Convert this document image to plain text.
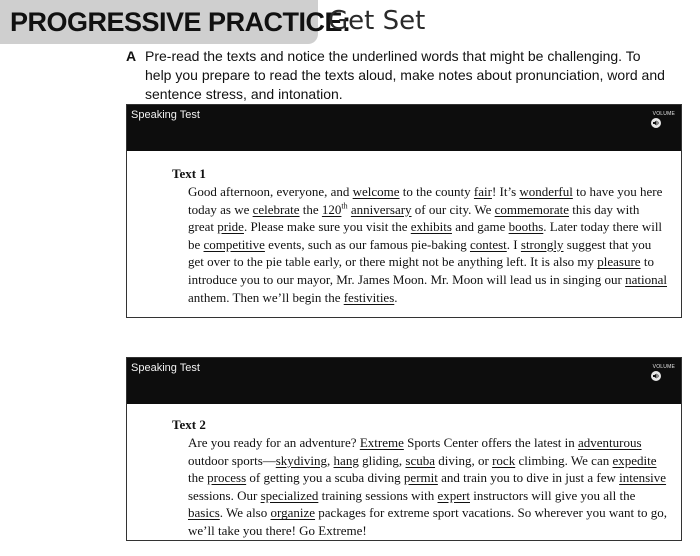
PROGRESSIVE PRACTICE:
Get Set
A Pre-read the texts and notice the underlined words that might be challenging. To help you prepare to read the texts aloud, make notes about pronunciation, word and sentence stress, and intonation.
Speaking Test	VOLUME
Text 1
Good afternoon, everyone, and welcome to the county fair! It’s wonderful to have you here today as we celebrate the 120th anniversary of our city. We commemorate this day with great pride. Please make sure you visit the exhibits and game booths. Later today there will be competitive events, such as our famous pie-baking contest. I strongly suggest that you get over to the pie table early, or there might not be anything left. It is also my pleasure to introduce you to our mayor, Mr. James Moon. Mr. Moon will lead us in singing our national anthem. Then we’ll begin the festivities.
Speaking Test	VOLUME
Text 2
Are you ready for an adventure? Extreme Sports Center offers the latest in adventurous outdoor sports—skydiving, hang gliding, scuba diving, or rock climbing. We can expedite the process of getting you a scuba diving permit and train you to dive in just a few intensive sessions. Our specialized training sessions with expert instructors will give you all the basics. We also organize packages for extreme sport vacations. So wherever you want to go, we’ll take you there! Go Extreme!
